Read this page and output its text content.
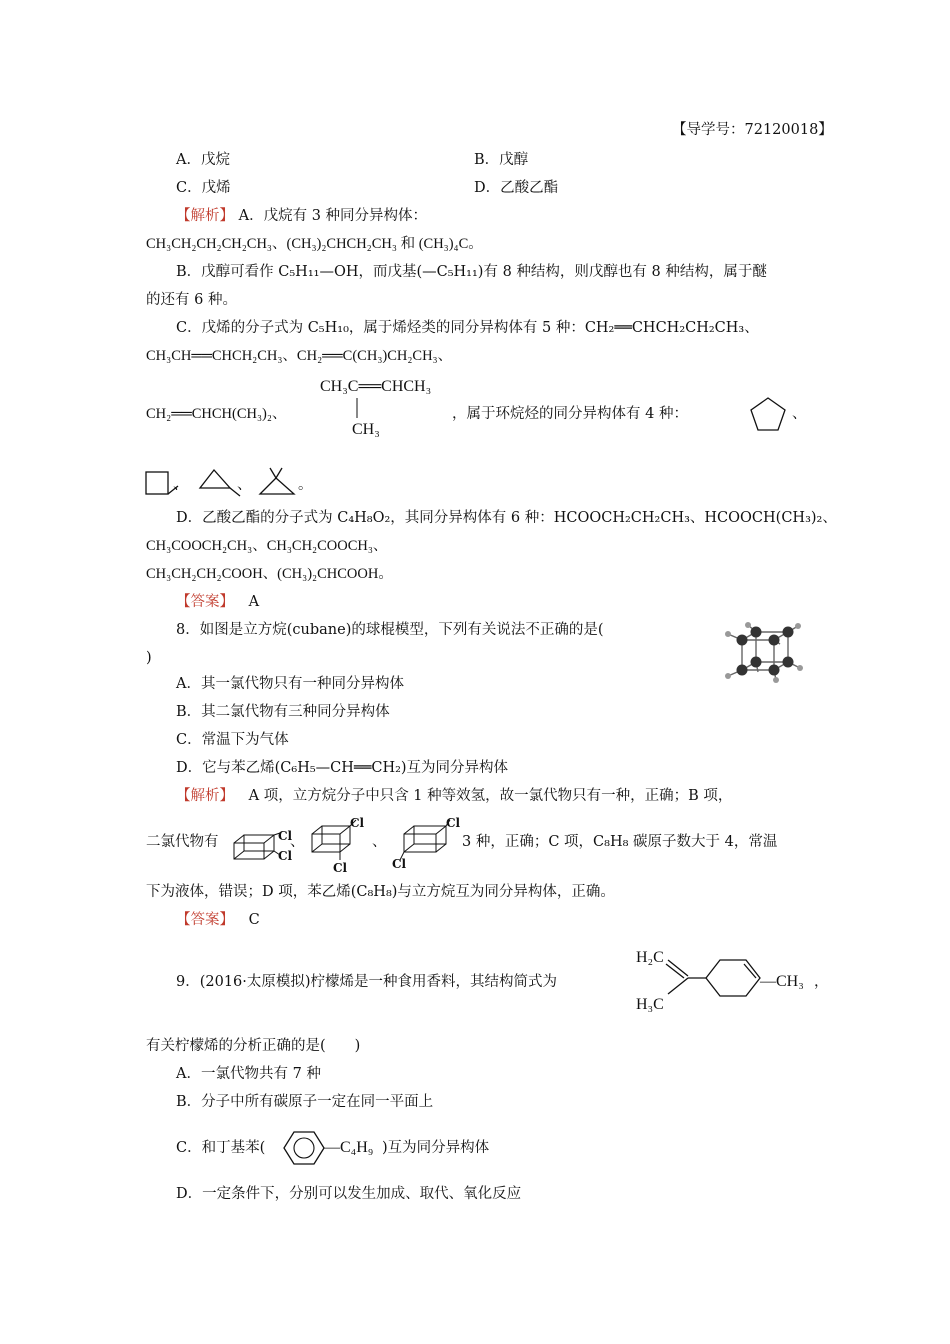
【导学号：72120018】
A．戊烷	B．戊醇
C．戊烯	D．乙酸乙酯
【解析】 A．戊烷有 3 种同分异构体：
CH₃CH₂CH₂CH₂CH₃、(CH₃)₂CHCH₂CH₃ 和 (CH₃)₄C。
B．戊醇可看作 C₅H₁₁—OH，而戊基(—C₅H₁₁)有 8 种结构，则戊醇也有 8 种结构，属于醚
的还有 6 种。
C．戊烯的分子式为 C₅H₁₀，属于烯烃类的同分异构体有 5 种：CH₂══CHCH₂CH₂CH₃、
CH₃CH══CHCH₂CH₃、CH₂══C(CH₃)CH₂CH₃、
CH₂══CHCH(CH₃)₂、
CH₃C══CHCH₃
CH₃
，属于环烷烃的同分异构体有 4 种：	、
、	、	。
D．乙酸乙酯的分子式为 C₄H₈O₂，其同分异构体有 6 种：HCOOCH₂CH₂CH₃、HCOOCH(CH₃)₂、
CH₃COOCH₂CH₃、CH₃CH₂COOCH₃、
CH₃CH₂CH₂COOH、(CH₃)₂CHCOOH。
【答案】 A
8．如图是立方烷(cubane)的球棍模型，下列有关说法不正确的是(
)
A．其一氯代物只有一种同分异构体
B．其二氯代物有三种同分异构体
C．常温下为气体
D．它与苯乙烯(C₆H₅—CH══CH₂)互为同分异构体
【解析】 A 项，立方烷分子中只含 1 种等效氢，故一氯代物只有一种，正确；B 项，
二氯代物有	Cl
Cl
、
Cl
Cl
、
Cl
Cl
3 种，正确；C 项，C₈H₈ 碳原子数大于 4，常温
下为液体，错误；D 项，苯乙烯(C₈H₈)与立方烷互为同分异构体，正确。
【答案】 C
9．(2016·太原模拟)柠檬烯是一种食用香料，其结构简式为
H₂C
H₃C
—CH₃ ，
有关柠檬烯的分析正确的是(　　)
A．一氯代物共有 7 种
B．分子中所有碳原子一定在同一平面上
C．和丁基苯(	—C₄H₉ )互为同分异构体
D．一定条件下，分别可以发生加成、取代、氧化反应
